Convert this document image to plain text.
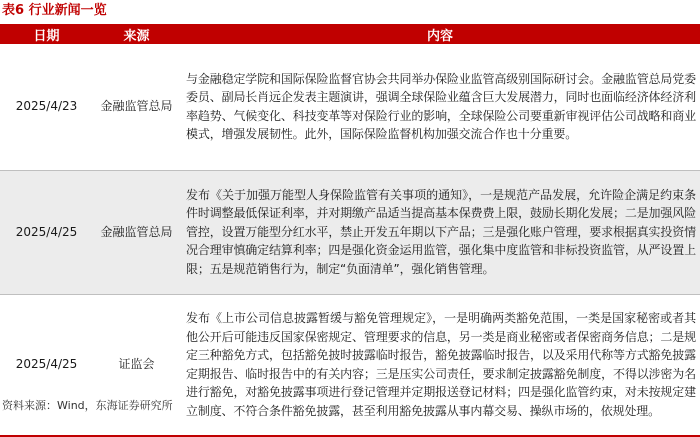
表6 行业新闻一览
日期	来源	内容
2025/4/23	金融监管总局	与金融稳定学院和国际保险监督官协会共同举办保险业监管高级别国际研讨会。金融监管总局党委委员、副局长肖远企发表主题演讲，强调全球保险业蕴含巨大发展潜力，同时也面临经济体经济利率趋势、气候变化、科技变革等对保险行业的影响，全球保险公司要重新审视评估公司战略和商业模式，增强发展韧性。此外，国际保险监督机构加强交流合作也十分重要。
2025/4/25	金融监管总局	发布《关于加强万能型人身保险监管有关事项的通知》，一是规范产品发展，允许险企满足约束条件时调整最低保证利率，并对期缴产品适当提高基本保费费上限，鼓励长期化发展；二是加强风险管控，设置万能型分红水平，禁止开发五年期以下产品；三是强化账户管理，要求根据真实投资情况合理审慎确定结算利率；四是强化资金运用监管，强化集中度监管和非标投资监管，从严设置上限；五是规范销售行为，制定“负面清单”，强化销售管理。
2025/4/25	证监会	发布《上市公司信息披露暂缓与豁免管理规定》，一是明确两类豁免范围，一类是国家秘密或者其他公开后可能违反国家保密规定、管理要求的信息，另一类是商业秘密或者保密商务信息；二是规定三种豁免方式，包括豁免披时披露临时报告，豁免披露临时报告，以及采用代称等方式豁免披露定期报告、临时报告中的有关内容；三是压实公司责任，要求制定披露豁免制度，不得以涉密为名进行豁免，对豁免披露事项进行登记管理并定期报送登记材料；四是强化监管约束，对未按规定建立制度、不符合条件豁免披露，甚至利用豁免披露从事内幕交易、操纵市场的，依规处理。
资料来源：Wind，东海证券研究所
